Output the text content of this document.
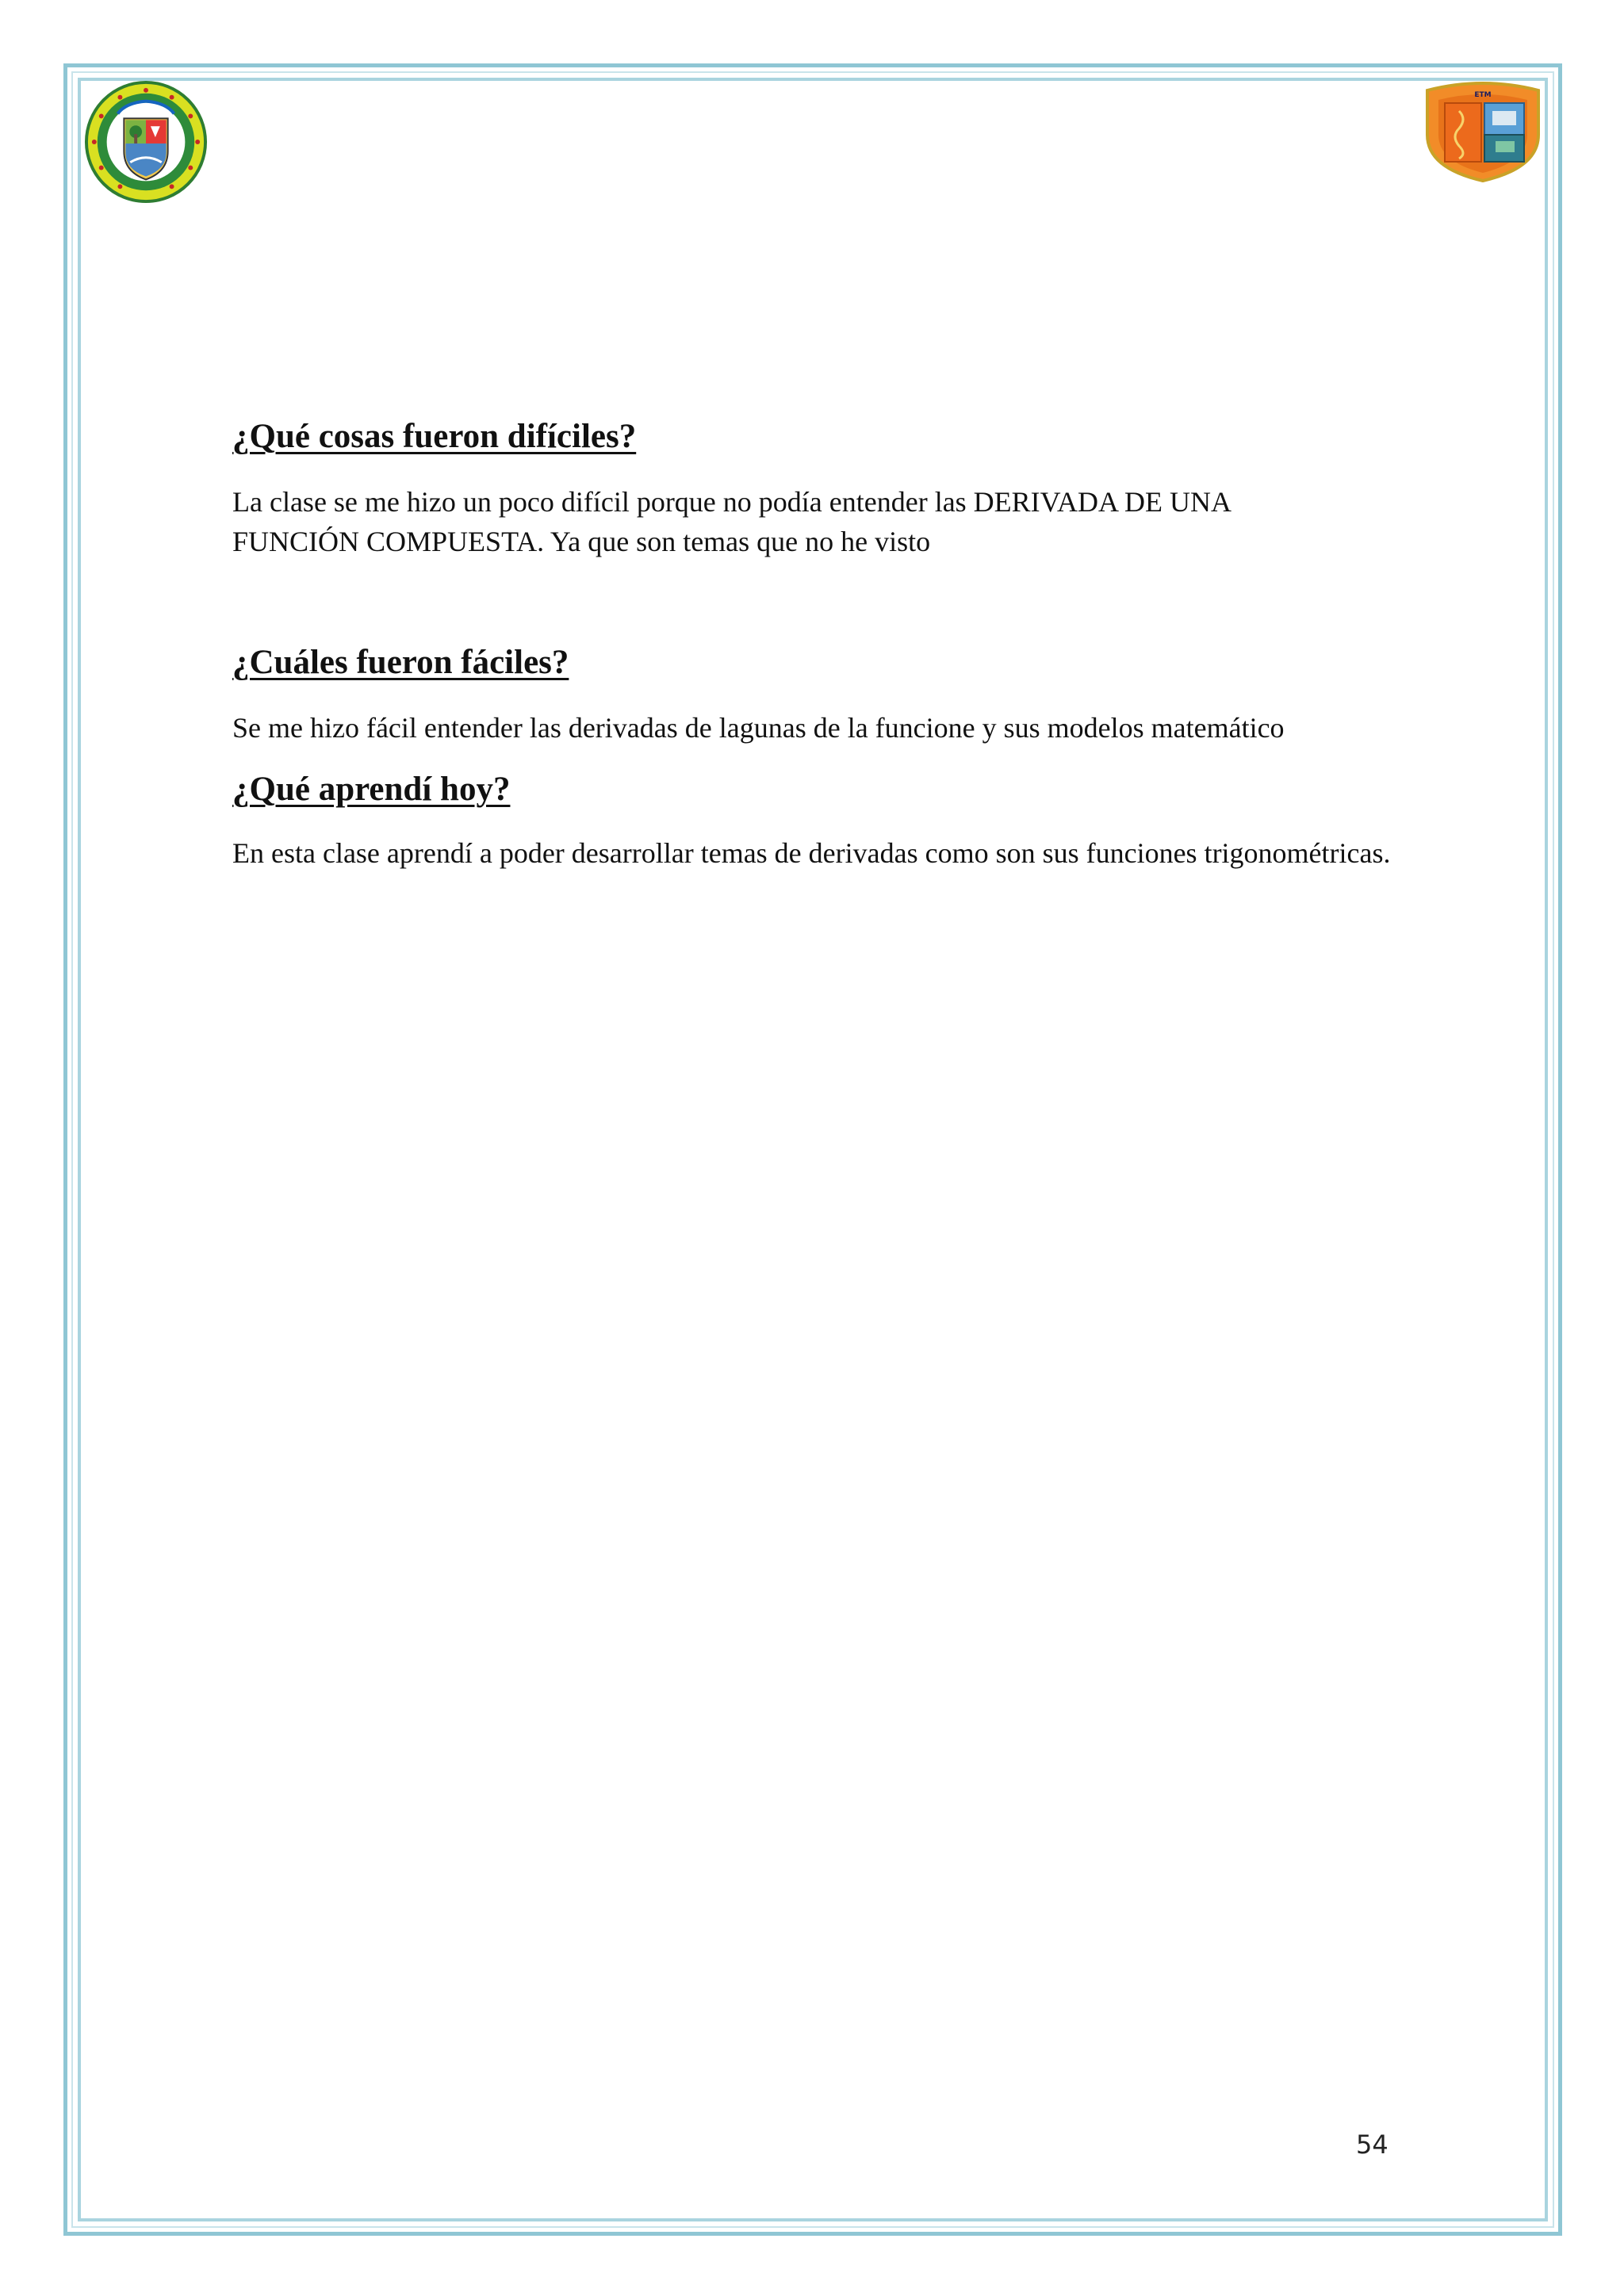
ETM
¿Qué cosas fueron difíciles?

La clase se me hizo un poco difícil porque no podía entender las DERIVADA DE UNA

FUNCIÓN COMPUESTA. Ya que son temas que no he visto

¿Cuáles fueron fáciles?

Se me hizo fácil entender las derivadas de lagunas de la funcione y sus modelos matemático

¿Qué aprendí hoy?

En esta clase aprendí a poder desarrollar temas de derivadas como son sus funciones trigonométricas.

54
